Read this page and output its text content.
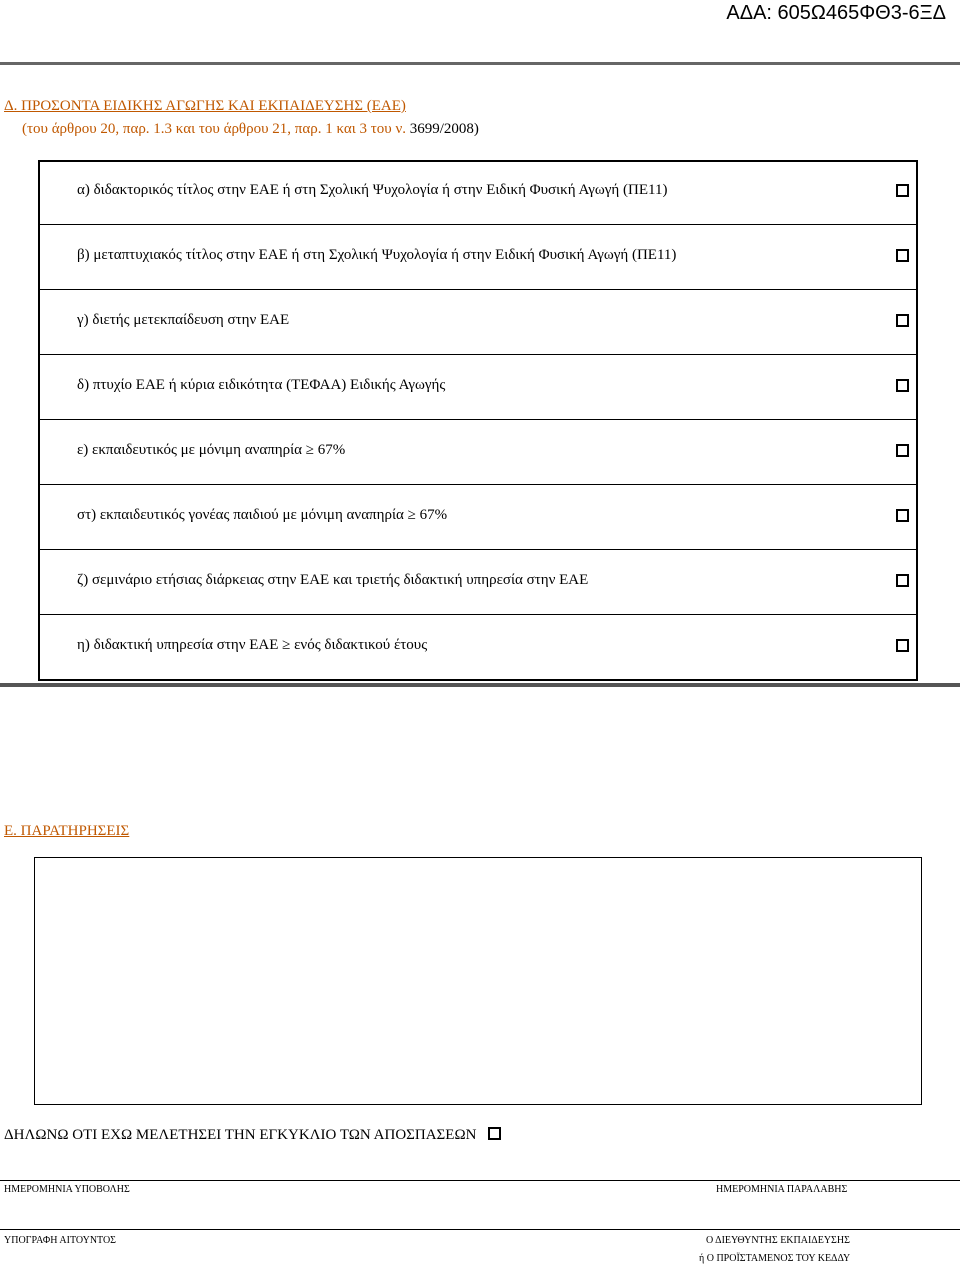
ΑΔΑ: 605Ω465ΦΘ3-6ΞΔ
Δ. ΠΡΟΣΟΝΤΑ ΕΙΔΙΚΗΣ ΑΓΩΓΗΣ ΚΑΙ ΕΚΠΑΙΔΕΥΣΗΣ (ΕΑΕ)
(του άρθρου 20, παρ. 1.3 και του άρθρου 21, παρ. 1 και 3 του ν. 3699/2008)
α) διδακτορικός τίτλος στην ΕΑΕ ή στη Σχολική Ψυχολογία ή στην Ειδική Φυσική Αγωγή (ΠΕ11)
β) μεταπτυχιακός τίτλος στην ΕΑΕ ή στη Σχολική Ψυχολογία ή στην Ειδική Φυσική Αγωγή (ΠΕ11)
γ) διετής μετεκπαίδευση στην ΕΑΕ
δ) πτυχίο ΕΑΕ ή κύρια ειδικότητα (ΤΕΦΑΑ) Ειδικής Αγωγής
ε) εκπαιδευτικός με μόνιμη αναπηρία ≥ 67%
στ) εκπαιδευτικός γονέας παιδιού με μόνιμη αναπηρία ≥ 67%
ζ) σεμινάριο ετήσιας διάρκειας στην ΕΑΕ και τριετής διδακτική υπηρεσία στην ΕΑΕ
η) διδακτική υπηρεσία στην ΕΑΕ ≥ ενός διδακτικού έτους
Ε. ΠΑΡΑΤΗΡΗΣΕΙΣ
ΔΗΛΩΝΩ ΟΤΙ ΕΧΩ ΜΕΛΕΤΗΣΕΙ ΤΗΝ ΕΓΚΥΚΛΙΟ ΤΩΝ ΑΠΟΣΠΑΣΕΩΝ
ΗΜΕΡΟΜΗΝΙΑ ΥΠΟΒΟΛΗΣ	ΗΜΕΡΟΜΗΝΙΑ ΠΑΡΑΛΑΒΗΣ
ΥΠΟΓΡΑΦΗ ΑΙΤΟΥΝΤΟΣ	Ο ΔΙΕΥΘΥΝΤΗΣ ΕΚΠΑΙΔΕΥΣΗΣ
ή Ο ΠΡΟΪΣΤΑΜΕΝΟΣ ΤΟΥ ΚΕΔΔΥ
